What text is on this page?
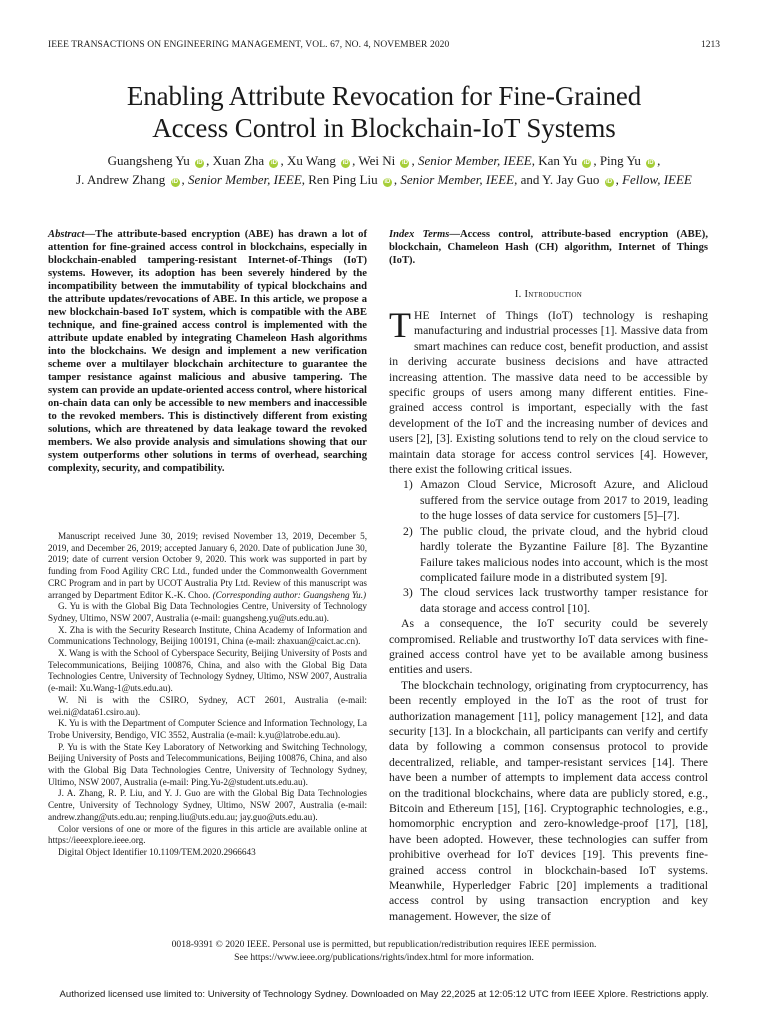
IEEE TRANSACTIONS ON ENGINEERING MANAGEMENT, VOL. 67, NO. 4, NOVEMBER 2020	1213
Enabling Attribute Revocation for Fine-Grained
Access Control in Blockchain-IoT Systems
Guangsheng Yu iD , Xuan Zha iD , Xu Wang iD , Wei Ni iD , Senior Member, IEEE, Kan Yu iD , Ping Yu iD ,
J. Andrew Zhang iD , Senior Member, IEEE, Ren Ping Liu iD , Senior Member, IEEE, and Y. Jay Guo iD , Fellow, IEEE

Abstract—The attribute-based encryption (ABE) has drawn a lot of attention for fine-grained access control in blockchains, especially in blockchain-enabled tampering-resistant Internet-of-Things (IoT) systems. However, its adoption has been severely hindered by the incompatibility between the immutability of typical blockchains and the attribute updates/revocations of ABE. In this article, we propose a new blockchain-based IoT system, which is compatible with the ABE technique, and fine-grained access control is implemented with the attribute update enabled by integrating Chameleon Hash algorithms into the blockchains. We design and implement a new verification scheme over a multilayer blockchain architecture to guarantee the tamper resistance against malicious and abusive tampering. The system can provide an update-oriented access control, where historical on-chain data can only be accessible to new members and inaccessible to the revoked members. This is distinctively different from existing solutions, which are threatened by data leakage toward the revoked members. We also provide analysis and simulations showing that our system outperforms other solutions in terms of overhead, searching complexity, security, and compatibility.

Manuscript received June 30, 2019; revised November 13, 2019, December 5, 2019, and December 26, 2019; accepted January 6, 2020. Date of publication June 30, 2019; date of current version October 9, 2020. This work was supported in part by funding from Food Agility CRC Ltd., funded under the Commonwealth Government CRC Program and in part by UCOT Australia Pty Ltd. Review of this manuscript was arranged by Department Editor K.-K. Choo. (Corresponding author: Guangsheng Yu.)

G. Yu is with the Global Big Data Technologies Centre, University of Technology Sydney, Ultimo, NSW 2007, Australia (e-mail: guangsheng.yu@uts.edu.au).

X. Zha is with the Security Research Institute, China Academy of Information and Communications Technology, Beijing 100191, China (e-mail: zhaxuan@caict.ac.cn).

X. Wang is with the School of Cyberspace Security, Beijing University of Posts and Telecommunications, Beijing 100876, China, and also with the Global Big Data Technologies Centre, University of Technology Sydney, Ultimo, NSW 2007, Australia (e-mail: Xu.Wang-1@uts.edu.au).

W. Ni is with the CSIRO, Sydney, ACT 2601, Australia (e-mail: wei.ni@data61.csiro.au).

K. Yu is with the Department of Computer Science and Information Technology, La Trobe University, Bendigo, VIC 3552, Australia (e-mail: k.yu@latrobe.edu.au).

P. Yu is with the State Key Laboratory of Networking and Switching Technology, Beijing University of Posts and Telecommunications, Beijing 100876, China, and also with the Global Big Data Technologies Centre, University of Technology Sydney, Ultimo, NSW 2007, Australia (e-mail: Ping.Yu-2@student.uts.edu.au).

J. A. Zhang, R. P. Liu, and Y. J. Guo are with the Global Big Data Technologies Centre, University of Technology Sydney, Ultimo, NSW 2007, Australia (e-mail: andrew.zhang@uts.edu.au; renping.liu@uts.edu.au; jay.guo@uts.edu.au).

Color versions of one or more of the figures in this article are available online at https://ieeexplore.ieee.org.

Digital Object Identifier 10.1109/TEM.2020.2966643

Index Terms—Access control, attribute-based encryption (ABE), blockchain, Chameleon Hash (CH) algorithm, Internet of Things (IoT).

I. Introduction

THE Internet of Things (IoT) technology is reshaping manufacturing and industrial processes [1]. Massive data from smart machines can reduce cost, benefit production, and assist in deriving accurate business decisions and have attracted increasing attention. The massive data need to be accessible by specific groups of users among many different entities. Fine-grained access control is important, especially with the fast development of the IoT and the increasing number of devices and users [2], [3]. Existing solutions tend to rely on the cloud service to maintain data storage for access control services [4]. However, there exist the following critical issues.

1) Amazon Cloud Service, Microsoft Azure, and Alicloud suffered from the service outage from 2017 to 2019, leading to the huge losses of data service for customers [5]–[7].
2) The public cloud, the private cloud, and the hybrid cloud hardly tolerate the Byzantine Failure [8]. The Byzantine Failure takes malicious nodes into account, which is the most complicated failure mode in a distributed system [9].
3) The cloud services lack trustworthy tamper resistance for data storage and access control [10].

As a consequence, the IoT security could be severely compromised. Reliable and trustworthy IoT data services with fine-grained access control have yet to be available among business entities and users.

The blockchain technology, originating from cryptocurrency, has been recently employed in the IoT as the root of trust for authorization management [11], policy management [12], and data security [13]. In a blockchain, all participants can verify and certify data by following a common consensus protocol to provide decentralized, reliable, and tamper-resistant services [14]. There have been a number of attempts to implement data access control on the traditional blockchains, where data are publicly stored, e.g., Bitcoin and Ethereum [15], [16]. Cryptographic technologies, e.g., homomorphic encryption and zero-knowledge-proof [17], [18], have been adopted. However, these technologies can suffer from prohibitive overhead for IoT devices [19]. This prevents fine-grained access control in blockchain-based IoT systems. Meanwhile, Hyperledger Fabric [20] implements a traditional access control by using transaction encryption and key management. However, the size of

0018-9391 © 2020 IEEE. Personal use is permitted, but republication/redistribution requires IEEE permission.
See https://www.ieee.org/publications/rights/index.html for more information.
Authorized licensed use limited to: University of Technology Sydney. Downloaded on May 22,2025 at 12:05:12 UTC from IEEE Xplore. Restrictions apply.
